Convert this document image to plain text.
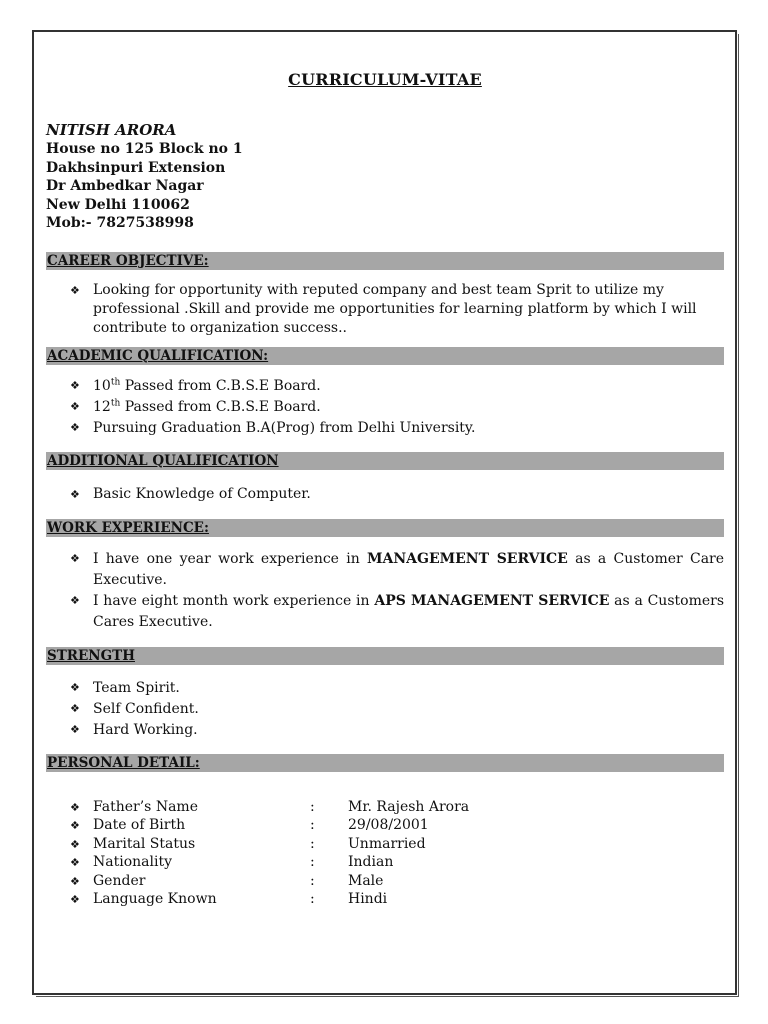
CURRICULUM-VITAE
NITISH ARORA
House no 125 Block no 1
Dakhsinpuri Extension
Dr Ambedkar Nagar
New Delhi 110062
Mob:- 7827538998
CAREER OBJECTIVE:
❖ Looking for opportunity with reputed company and best team Sprit to utilize my professional .Skill and provide me opportunities for learning platform by which I will contribute to organization success..
ACADEMIC QUALIFICATION:
❖ 10th Passed from C.B.S.E Board.
❖ 12th Passed from C.B.S.E Board.
❖ Pursuing Graduation B.A(Prog) from Delhi University.
ADDITIONAL QUALIFICATION
❖ Basic Knowledge of Computer.
WORK EXPERIENCE:
❖ I have one year work experience in MANAGEMENT SERVICE as a Customer Care Executive.
❖ I have eight month work experience in APS MANAGEMENT SERVICE as a Customers Cares Executive.
STRENGTH
❖ Team Spirit.
❖ Self Confident.
❖ Hard Working.
PERSONAL DETAIL:
❖ Father’s Name	:	Mr. Rajesh Arora
❖ Date of Birth	:	29/08/2001
❖ Marital Status	:	Unmarried
❖ Nationality	:	Indian
❖ Gender	:	Male
❖ Language Known	:	Hindi
